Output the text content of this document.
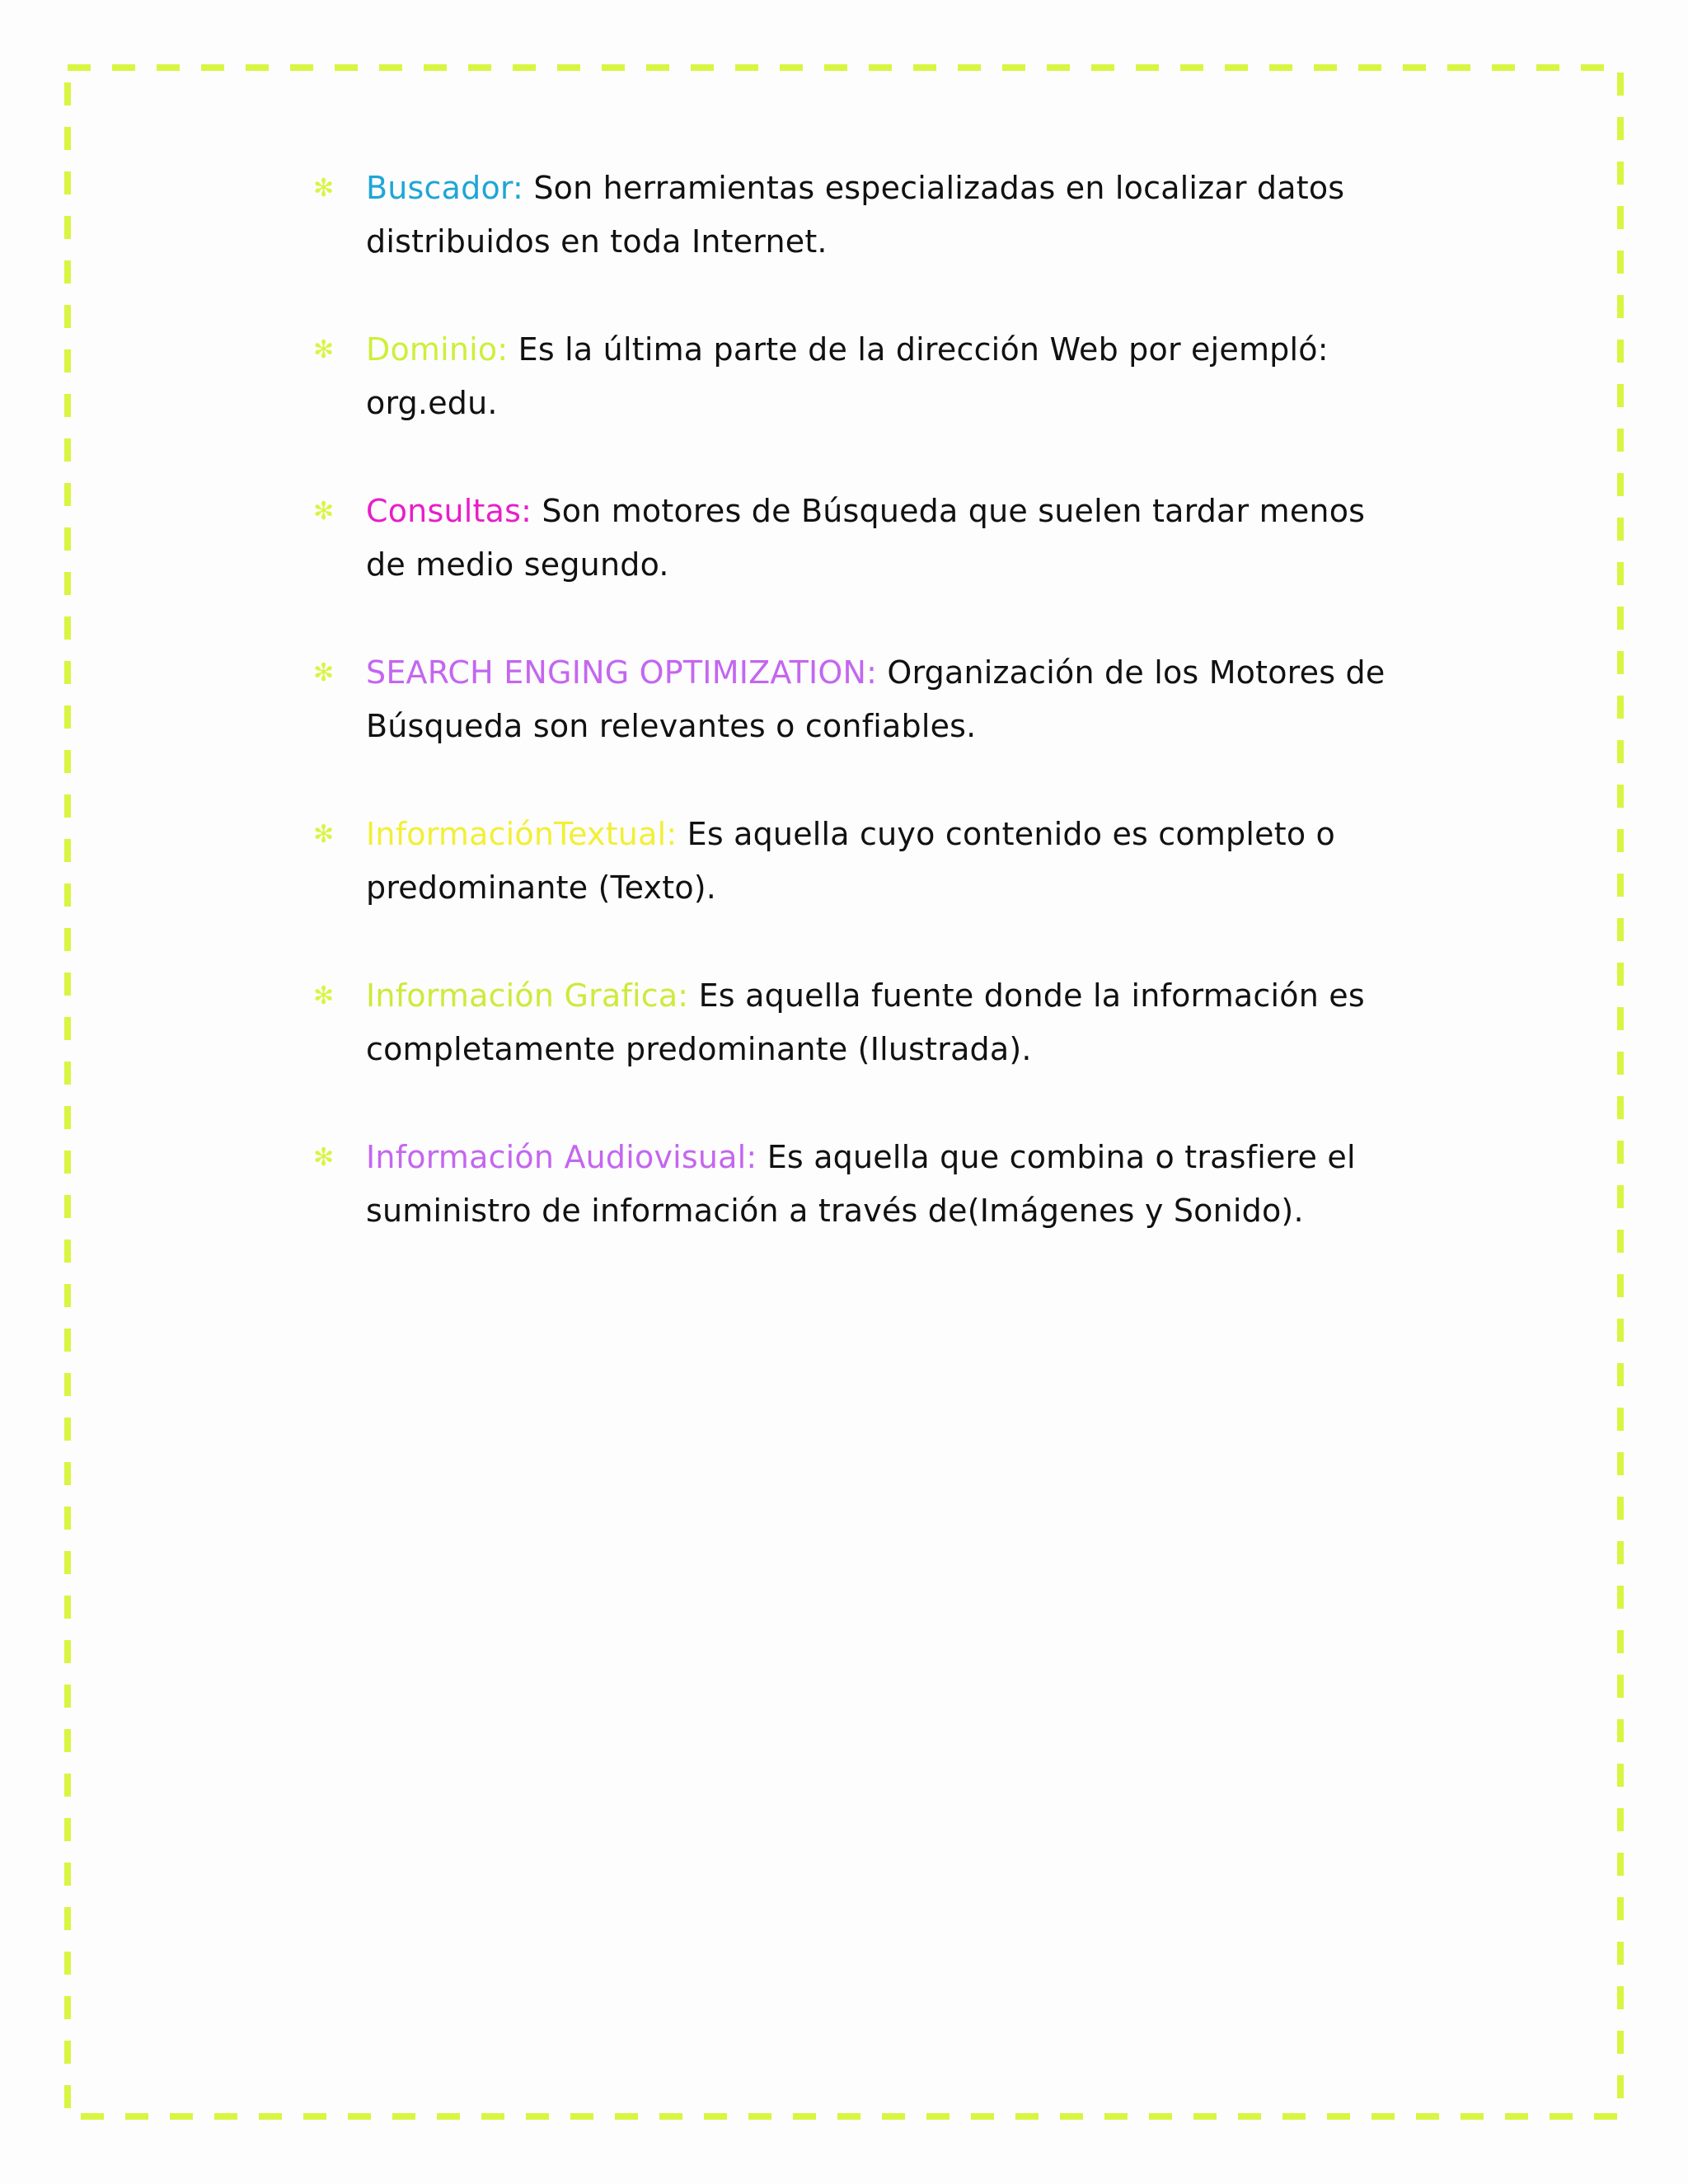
✻ Buscador: Son herramientas especializadas en localizar datos distribuidos en toda Internet.
✻ Dominio: Es la última parte de la dirección Web por ejempló: org.edu.
✻ Consultas: Son motores de Búsqueda que suelen tardar menos de medio segundo.
✻ SEARCH ENGING OPTIMIZATION: Organización de los Motores de Búsqueda son relevantes o confiables.
✻ InformaciónTextual: Es aquella cuyo contenido es completo o predominante (Texto).
✻ Información Grafica: Es aquella fuente donde la información es completamente predominante (Ilustrada).
✻ Información Audiovisual: Es aquella que combina o trasfiere el suministro de información a través de(Imágenes y Sonido).
